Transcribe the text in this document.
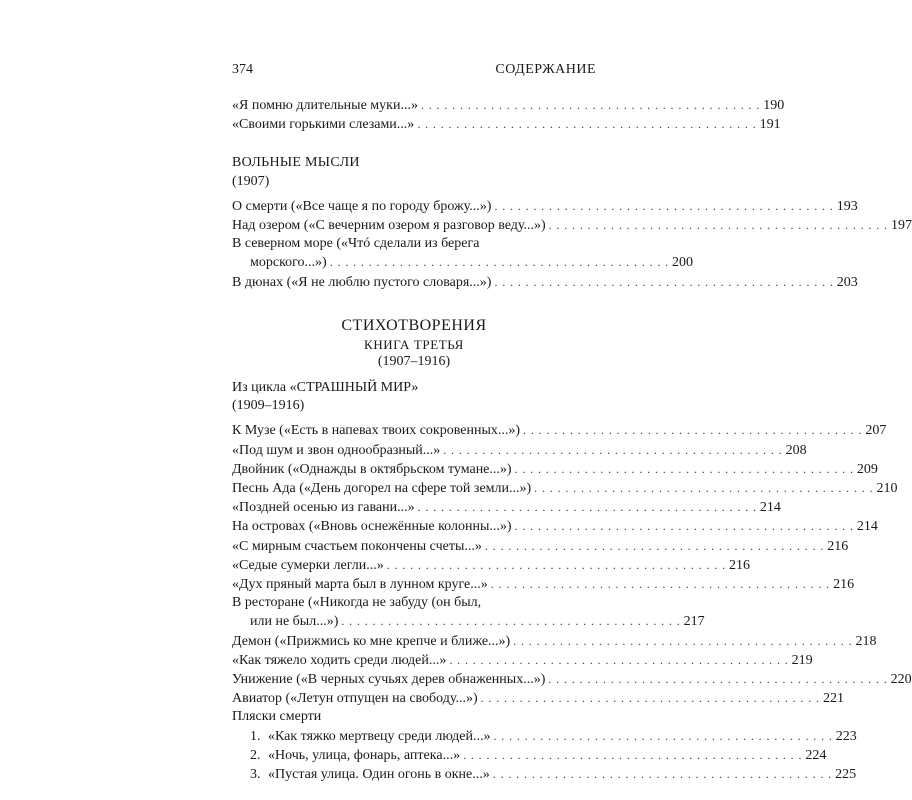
374	СОДЕРЖАНИЕ
«Я помню длительные муки...» . . . . . . . . . . . . . . . . . . . . . . . . . . . . . . . . . . . . . . . . . . . . 190
«Своими горькими слезами...» . . . . . . . . . . . . . . . . . . . . . . . . . . . . . . . . . . . . . . . . . . . . 191
ВОЛЬНЫЕ МЫСЛИ
(1907)
О смерти («Все чаще я по городу брожу...») . . . . . . . . . . . . . . . . . . . . . . . . . . . . . . . . . . . . . . . . . . . . 193
Над озером («С вечерним озером я разговор веду...») . . . . . . . . . . . . . . . . . . . . . . . . . . . . . . . . . . . . . . . . . . . . 197
В северном море («Чтó сделали из берега
морского...») . . . . . . . . . . . . . . . . . . . . . . . . . . . . . . . . . . . . . . . . . . . . 200
В дюнах («Я не люблю пустого словаря...») . . . . . . . . . . . . . . . . . . . . . . . . . . . . . . . . . . . . . . . . . . . . 203
СТИХОТВОРЕНИЯ
КНИГА ТРЕТЬЯ
(1907–1916)
Из цикла «СТРАШНЫЙ МИР»
(1909–1916)
К Музе («Есть в напевах твоих сокровенных...») . . . . . . . . . . . . . . . . . . . . . . . . . . . . . . . . . . . . . . . . . . . . 207
«Под шум и звон однообразный...» . . . . . . . . . . . . . . . . . . . . . . . . . . . . . . . . . . . . . . . . . . . . 208
Двойник («Однажды в октябрьском тумане...») . . . . . . . . . . . . . . . . . . . . . . . . . . . . . . . . . . . . . . . . . . . . 209
Песнь Ада («День догорел на сфере той земли...») . . . . . . . . . . . . . . . . . . . . . . . . . . . . . . . . . . . . . . . . . . . . 210
«Поздней осенью из гавани...» . . . . . . . . . . . . . . . . . . . . . . . . . . . . . . . . . . . . . . . . . . . . 214
На островах («Вновь оснежённые колонны...») . . . . . . . . . . . . . . . . . . . . . . . . . . . . . . . . . . . . . . . . . . . . 214
«С мирным счастьем покончены счеты...» . . . . . . . . . . . . . . . . . . . . . . . . . . . . . . . . . . . . . . . . . . . . 216
«Седые сумерки легли...» . . . . . . . . . . . . . . . . . . . . . . . . . . . . . . . . . . . . . . . . . . . . 216
«Дух пряный марта был в лунном круге...» . . . . . . . . . . . . . . . . . . . . . . . . . . . . . . . . . . . . . . . . . . . . 216
В ресторане («Никогда не забуду (он был,
или не был...») . . . . . . . . . . . . . . . . . . . . . . . . . . . . . . . . . . . . . . . . . . . . 217
Демон («Прижмись ко мне крепче и ближе...») . . . . . . . . . . . . . . . . . . . . . . . . . . . . . . . . . . . . . . . . . . . . 218
«Как тяжело ходить среди людей...» . . . . . . . . . . . . . . . . . . . . . . . . . . . . . . . . . . . . . . . . . . . . 219
Унижение («В черных сучьях дерев обнаженных...») . . . . . . . . . . . . . . . . . . . . . . . . . . . . . . . . . . . . . . . . . . . . 220
Авиатор («Летун отпущен на свободу...») . . . . . . . . . . . . . . . . . . . . . . . . . . . . . . . . . . . . . . . . . . . . 221
Пляски смерти
1. «Как тяжко мертвецу среди людей...» . . . . . . . . . . . . . . . . . . . . . . . . . . . . . . . . . . . . . . . . . . . . 223
2. «Ночь, улица, фонарь, аптека...» . . . . . . . . . . . . . . . . . . . . . . . . . . . . . . . . . . . . . . . . . . . . 224
3. «Пустая улица. Один огонь в окне...» . . . . . . . . . . . . . . . . . . . . . . . . . . . . . . . . . . . . . . . . . . . . 225
